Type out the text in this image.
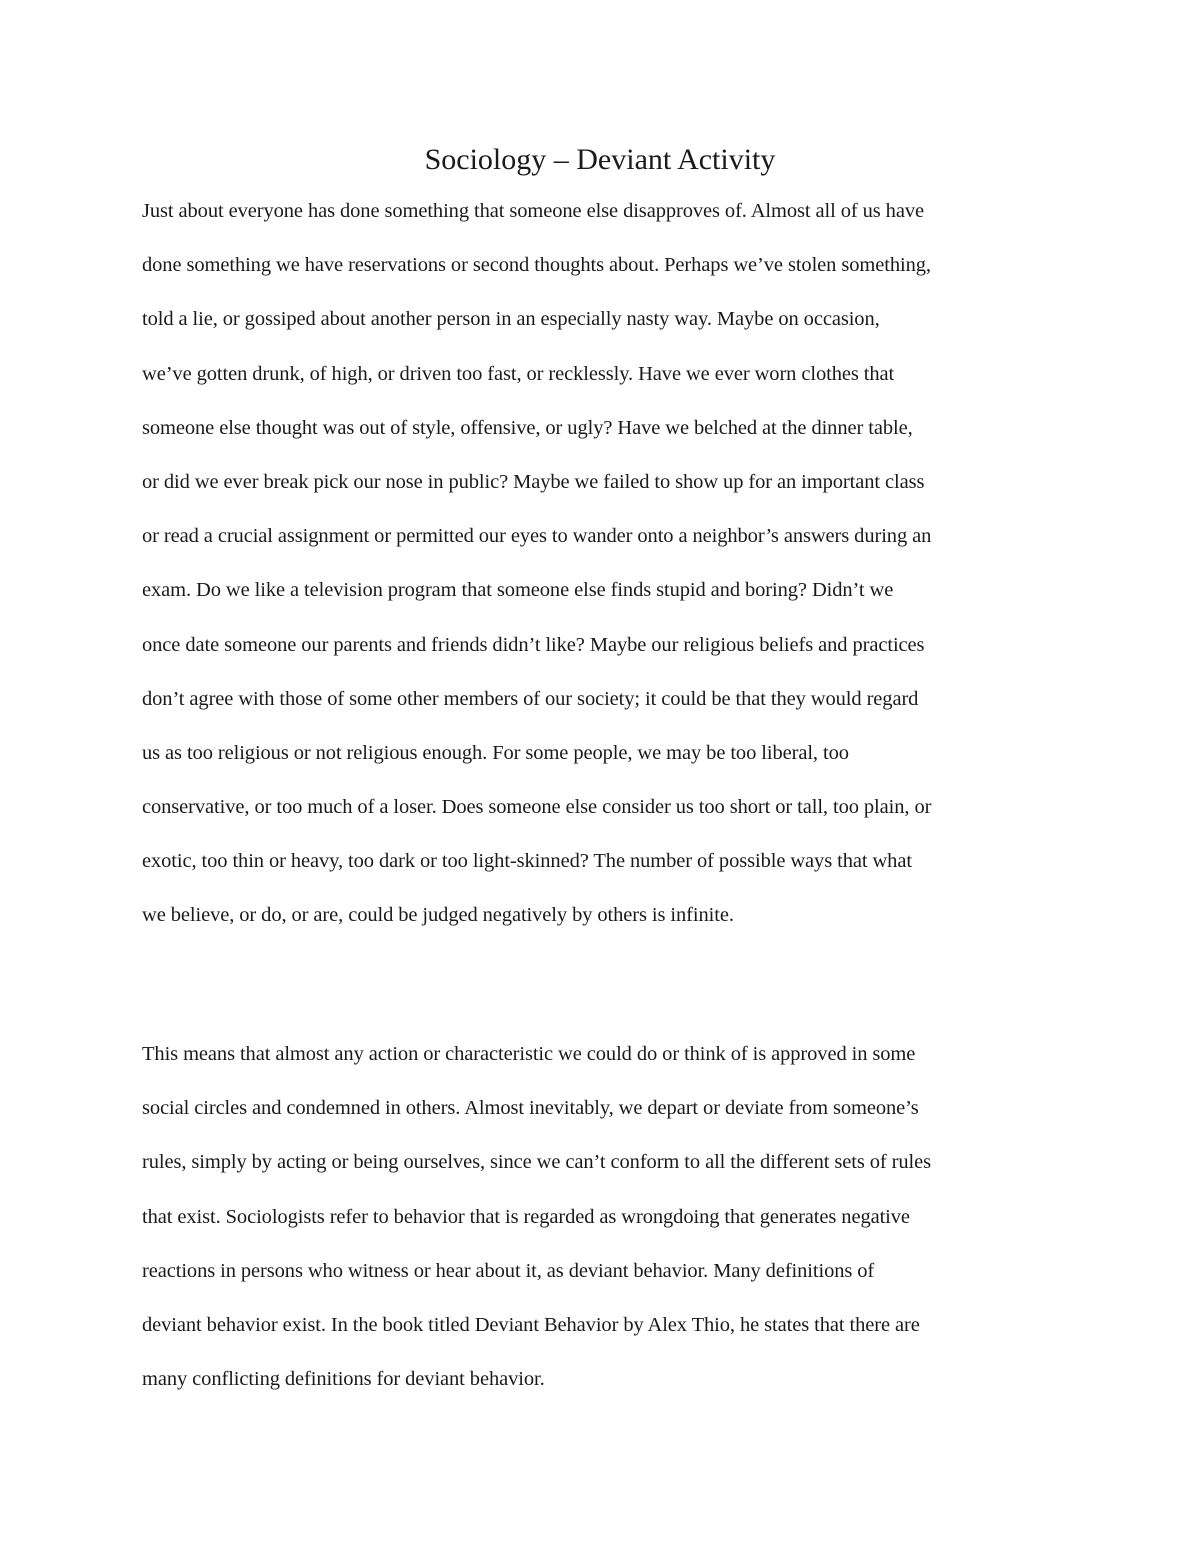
Sociology – Deviant Activity
Just about everyone has done something that someone else disapproves of. Almost all of us have
done something we have reservations or second thoughts about. Perhaps we’ve stolen something,
told a lie, or gossiped about another person in an especially nasty way. Maybe on occasion,
we’ve gotten drunk, of high, or driven too fast, or recklessly. Have we ever worn clothes that
someone else thought was out of style, offensive, or ugly? Have we belched at the dinner table,
or did we ever break pick our nose in public? Maybe we failed to show up for an important class
or read a crucial assignment or permitted our eyes to wander onto a neighbor’s answers during an
exam. Do we like a television program that someone else finds stupid and boring? Didn’t we
once date someone our parents and friends didn’t like? Maybe our religious beliefs and practices
don’t agree with those of some other members of our society; it could be that they would regard
us as too religious or not religious enough. For some people, we may be too liberal, too
conservative, or too much of a loser. Does someone else consider us too short or tall, too plain, or
exotic, too thin or heavy, too dark or too light-skinned? The number of possible ways that what
we believe, or do, or are, could be judged negatively by others is infinite.
This means that almost any action or characteristic we could do or think of is approved in some
social circles and condemned in others. Almost inevitably, we depart or deviate from someone’s
rules, simply by acting or being ourselves, since we can’t conform to all the different sets of rules
that exist. Sociologists refer to behavior that is regarded as wrongdoing that generates negative
reactions in persons who witness or hear about it, as deviant behavior. Many definitions of
deviant behavior exist. In the book titled Deviant Behavior by Alex Thio, he states that there are
many conflicting definitions for deviant behavior.
